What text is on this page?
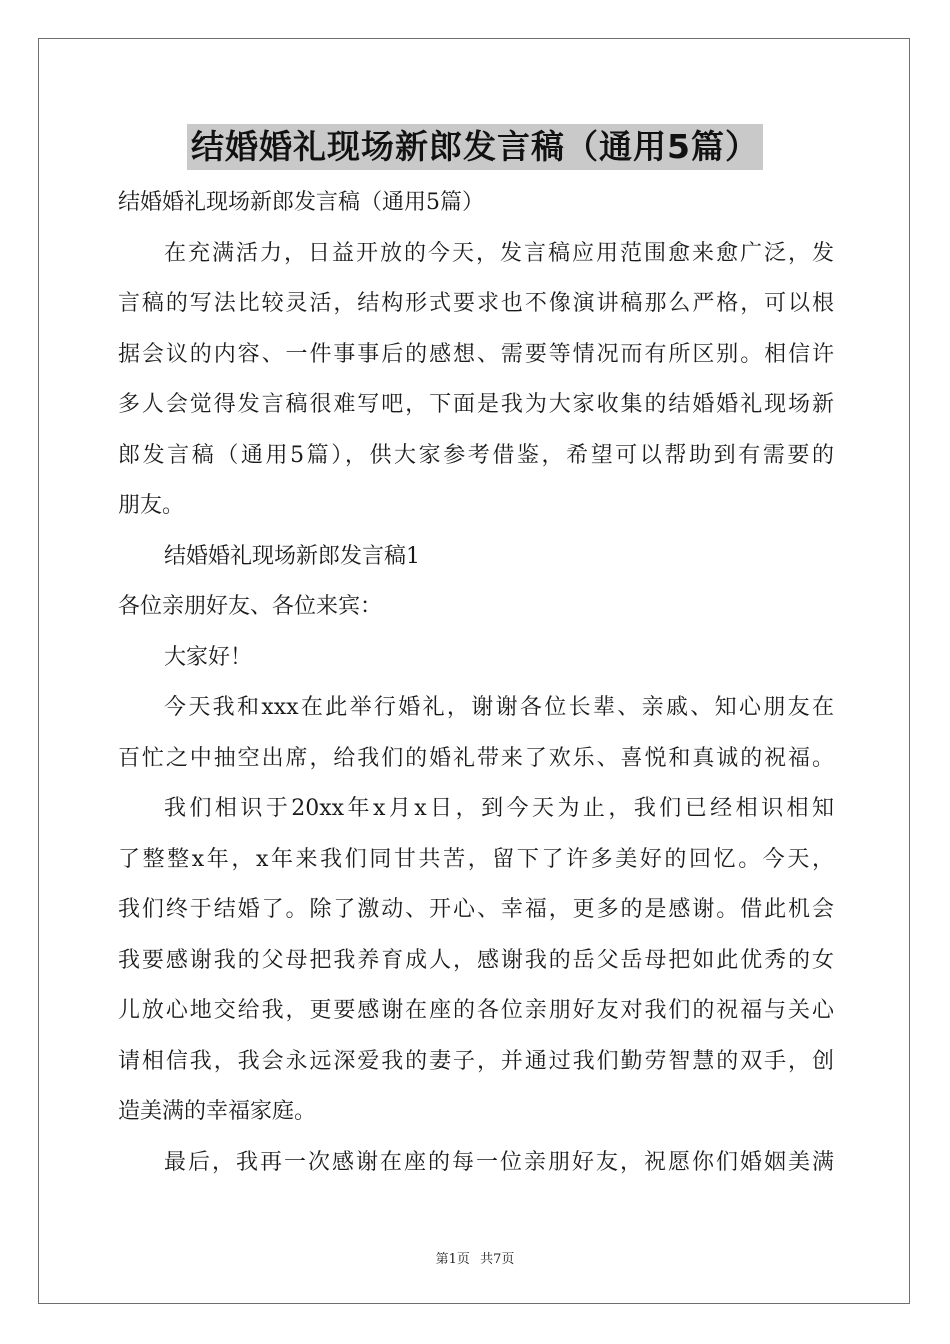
结婚婚礼现场新郎发言稿（通用5篇）
结婚婚礼现场新郎发言稿（通用5篇）
在充满活力，日益开放的今天，发言稿应用范围愈来愈广泛，发
言稿的写法比较灵活，结构形式要求也不像演讲稿那么严格，可以根
据会议的内容、一件事事后的感想、需要等情况而有所区别。相信许
多人会觉得发言稿很难写吧，下面是我为大家收集的结婚婚礼现场新
郎发言稿（通用5篇），供大家参考借鉴，希望可以帮助到有需要的
朋友。
结婚婚礼现场新郎发言稿1
各位亲朋好友、各位来宾：
大家好！
今天我和xxx在此举行婚礼，谢谢各位长辈、亲戚、知心朋友在
百忙之中抽空出席，给我们的婚礼带来了欢乐、喜悦和真诚的祝福。
我们相识于20xx年x月x日，到今天为止，我们已经相识相知
了整整x年，x年来我们同甘共苦，留下了许多美好的回忆。今天，
我们终于结婚了。除了激动、开心、幸福，更多的是感谢。借此机会
我要感谢我的父母把我养育成人，感谢我的岳父岳母把如此优秀的女
儿放心地交给我，更要感谢在座的各位亲朋好友对我们的祝福与关心
请相信我，我会永远深爱我的妻子，并通过我们勤劳智慧的双手，创
造美满的幸福家庭。
最后，我再一次感谢在座的每一位亲朋好友，祝愿你们婚姻美满
第1页 共7页
